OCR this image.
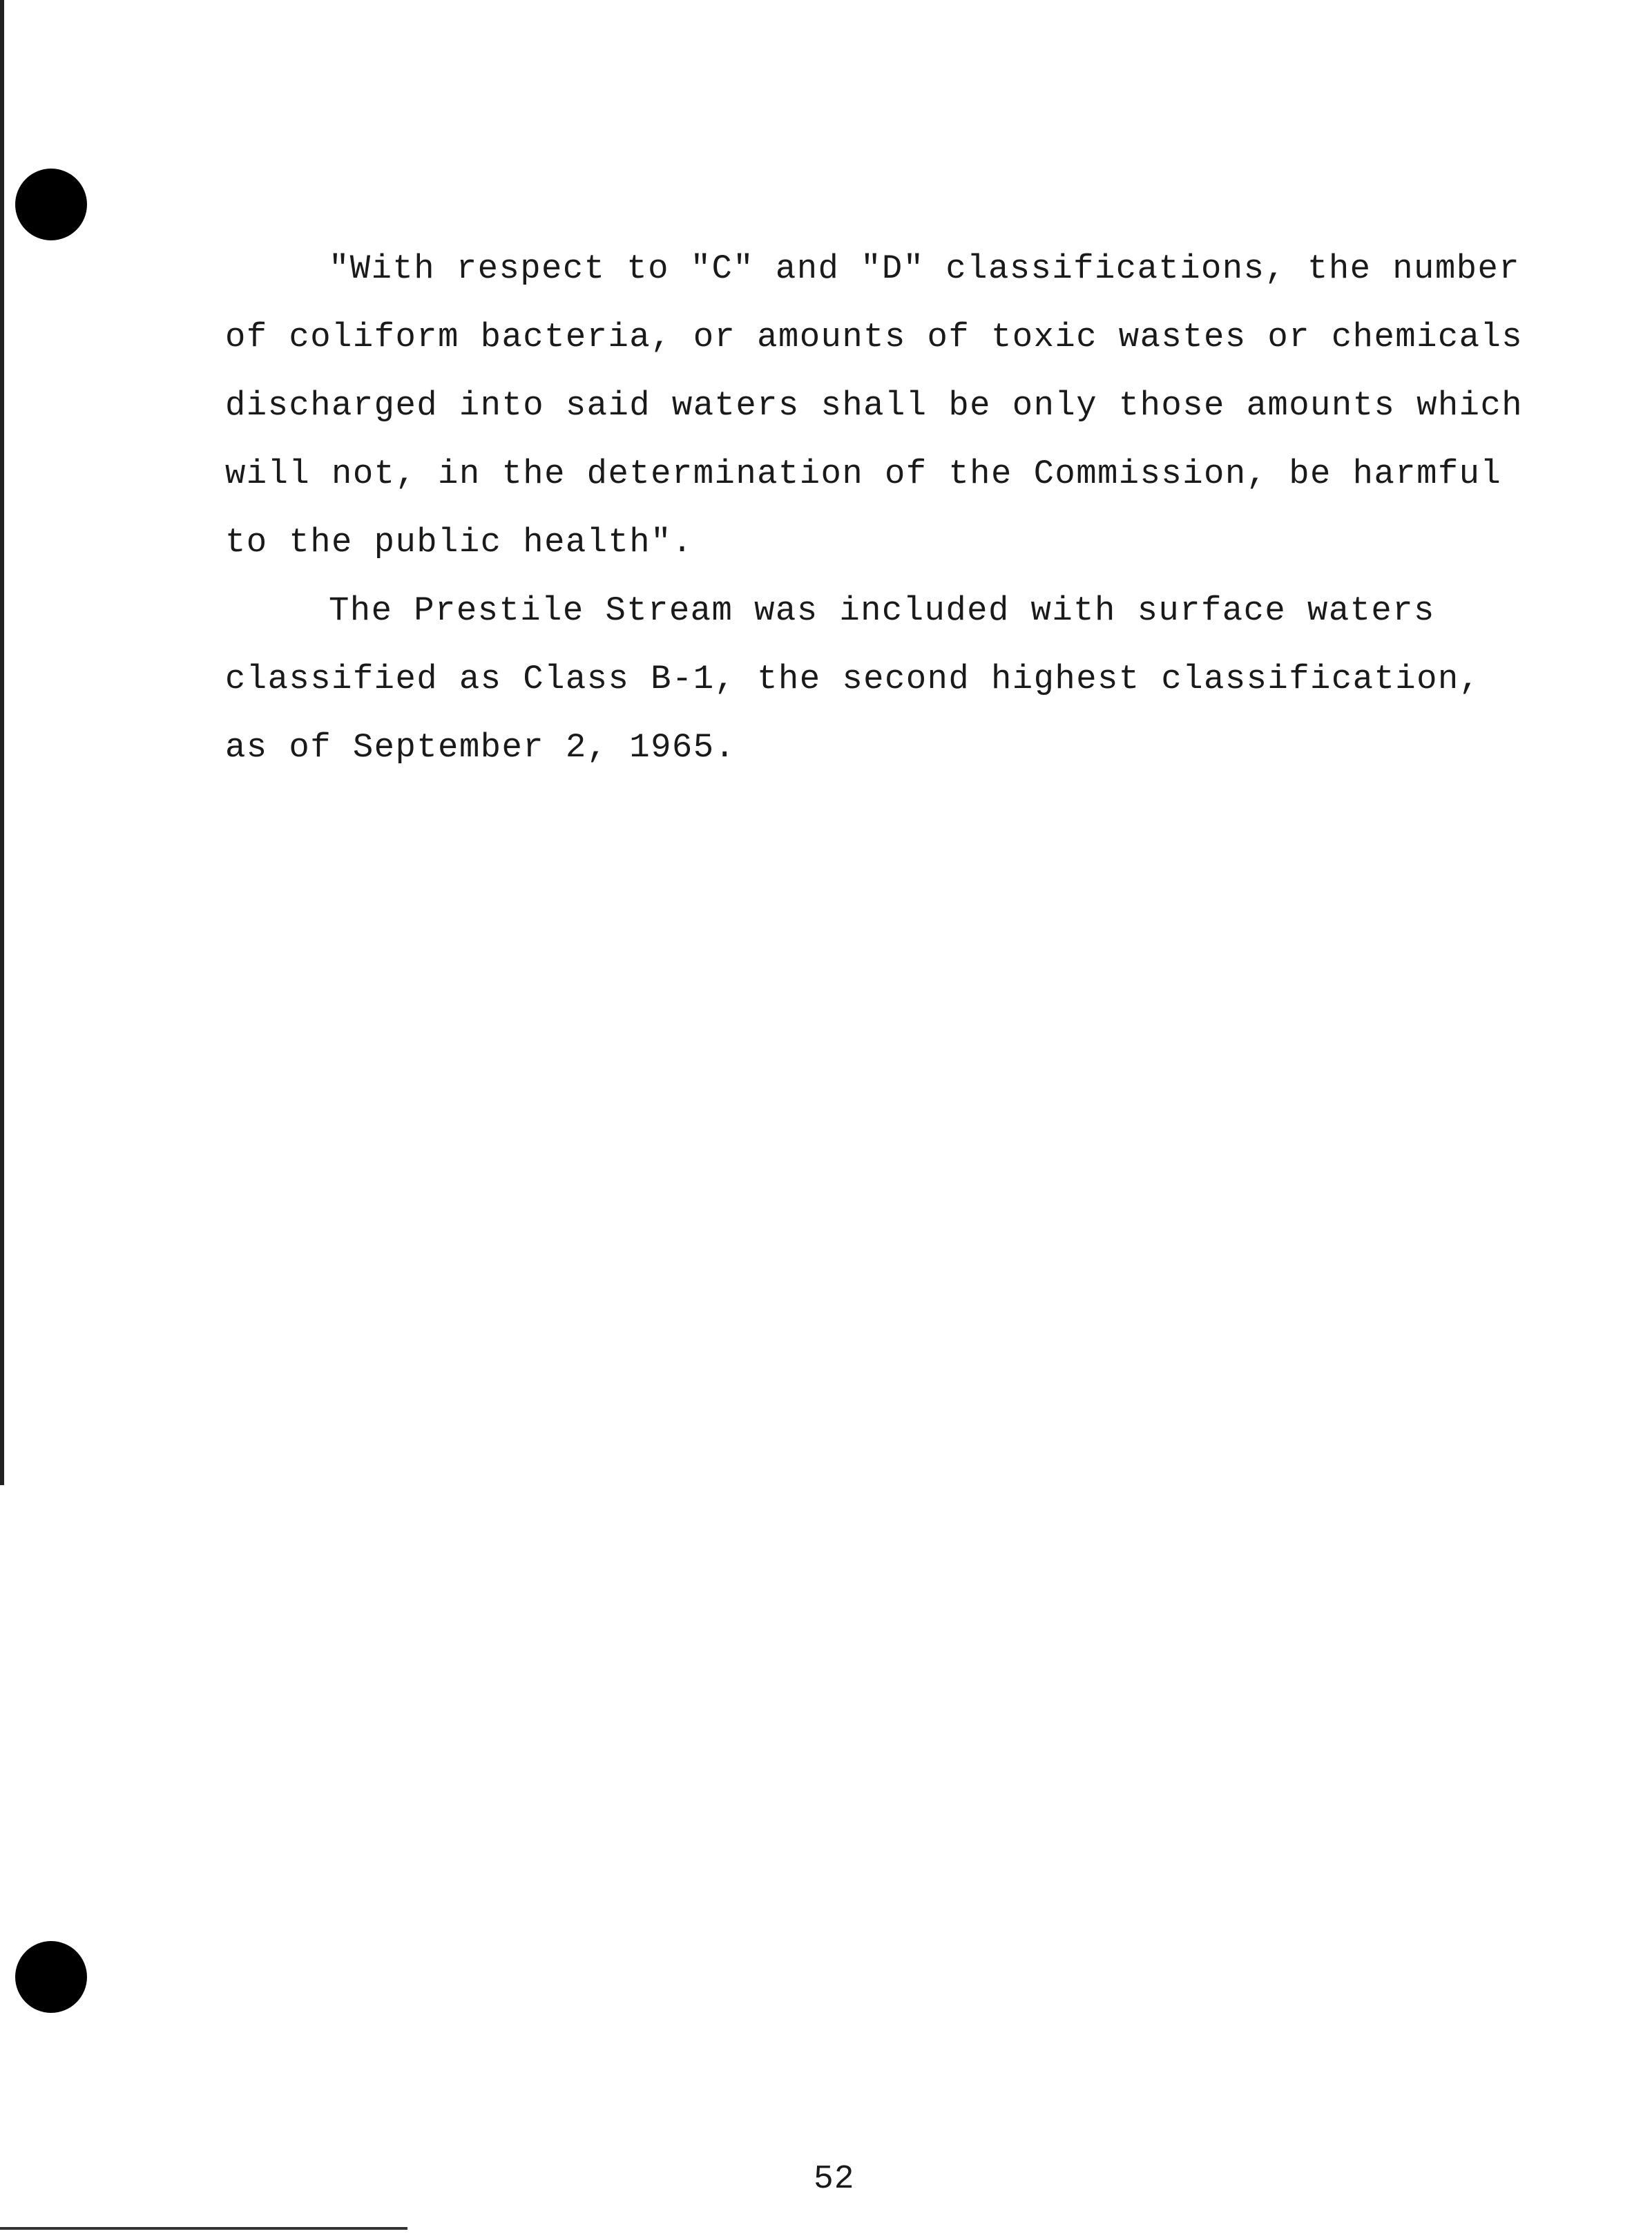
"With respect to "C" and "D" classifications, the number
of coliform bacteria, or amounts of toxic wastes or chemicals
discharged into said waters shall be only those amounts which
will not, in the determination of the Commission, be harmful
to the public health".
The Prestile Stream was included with surface waters
classified as Class B-1, the second highest classification,
as of September 2, 1965.
52
